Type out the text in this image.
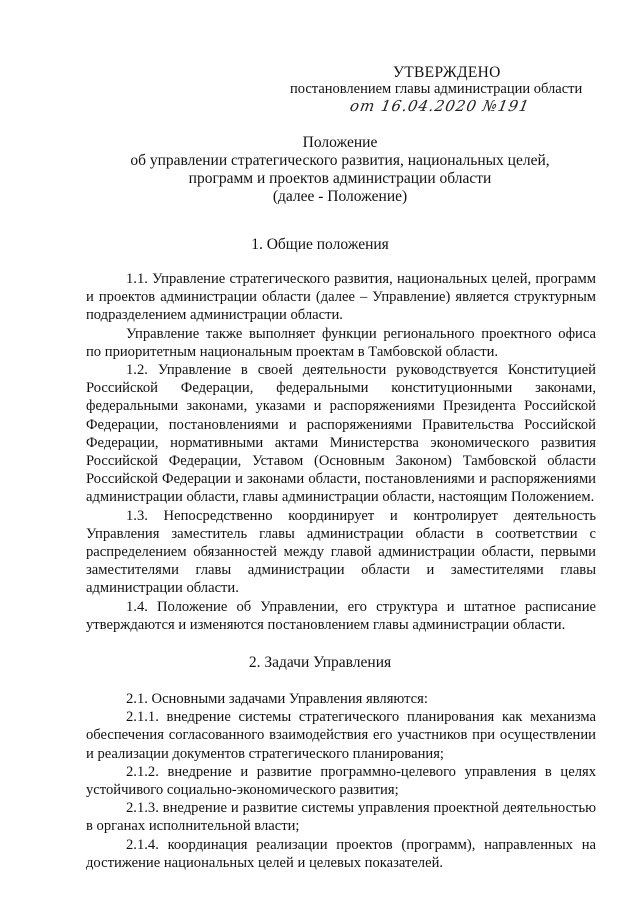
УТВЕРЖДЕНО
постановлением главы администрации области
от 16.04.2020 №191
Положение
об управлении стратегического развития, национальных целей,
программ и проектов администрации области
(далее - Положение)
1. Общие положения

1.1. Управление стратегического развития, национальных целей, программ и проектов администрации области (далее – Управление) является структурным подразделением администрации области.

Управление также выполняет функции регионального проектного офиса по приоритетным национальным проектам в Тамбовской области.

1.2. Управление в своей деятельности руководствуется Конституцией Российской Федерации, федеральными конституционными законами, федеральными законами, указами и распоряжениями Президента Российской Федерации, постановлениями и распоряжениями Правительства Российской Федерации, нормативными актами Министерства экономического развития Российской Федерации, Уставом (Основным Законом) Тамбовской области Российской Федерации и законами области, постановлениями и распоряжениями администрации области, главы администрации области, настоящим Положением.

1.3. Непосредственно координирует и контролирует деятельность Управления заместитель главы администрации области в соответствии с распределением обязанностей между главой администрации области, первыми заместителями главы администрации области и заместителями главы администрации области.

1.4. Положение об Управлении, его структура и штатное расписание утверждаются и изменяются постановлением главы администрации области.

2. Задачи Управления

2.1. Основными задачами Управления являются:

2.1.1. внедрение системы стратегического планирования как механизма обеспечения согласованного взаимодействия его участников при осуществлении и реализации документов стратегического планирования;

2.1.2. внедрение и развитие программно-целевого управления в целях устойчивого социально-экономического развития;

2.1.3. внедрение и развитие системы управления проектной деятельностью в органах исполнительной власти;

2.1.4. координация реализации проектов (программ), направленных на достижение национальных целей и целевых показателей.
